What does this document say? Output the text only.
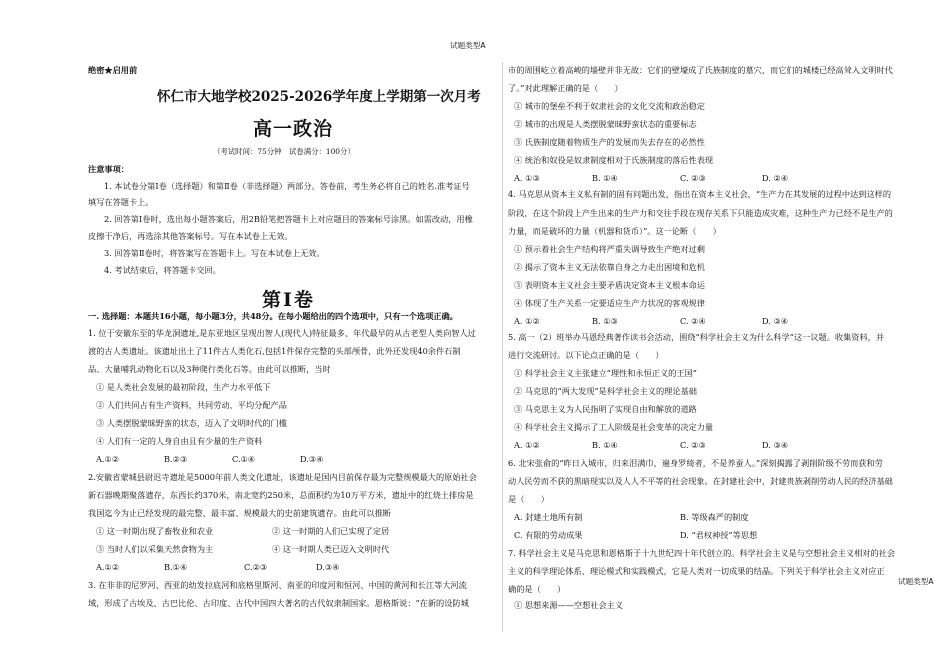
试题类型A
试题类型A
绝密★启用前
怀仁市大地学校2025-2026学年度上学期第一次月考
高一政治
（考试时间：75分钟　试卷满分：100分）
注意事项：
1. 本试卷分第Ⅰ卷（选择题）和第Ⅱ卷（非选择题）两部分。答卷前，考生务必将自己的姓名.准考证号
填写在答题卡上。
2. 回答第Ⅰ卷时，选出每小题答案后，用2B铅笔把答题卡上对应题目的答案标号涂黑。如需改动，用橡
皮擦干净后，再选涂其他答案标号。写在本试卷上无效。
3. 回答第Ⅱ卷时，将答案写在答题卡上。写在本试卷上无效。
4. 考试结束后，将答题卡交回。
第Ⅰ卷
一. 选择题：本题共16小题，每小题3分，共48分。在每小题给出的四个选项中，只有一个选项正确。
1. 位于安徽东至的华龙洞遗址,是东亚地区呈现出智人(现代人)特征最多、年代最早的从古老型人类向智人过
渡的古人类遗址。该遗址出土了11件古人类化石,包括1件保存完整的头部颅骨，此外还发现40余件石制
品、大量哺乳动物化石以及3种爬行类化石等。由此可以推断，当时
① 是人类社会发展的最初阶段，生产力水平低下
② 人们共同占有生产资料，共同劳动，平均分配产品
③ 人类摆脱蒙昧野蛮的状态，迈入了文明时代的门槛
④ 人们有一定的人身自由且有少量的生产资料
A.①②	B.②③	C.①④	D.③④
2.安徽省蒙城县尉迟寺遗址是5000年前人类文化遗址，该遗址是国内目前保存最为完整规模最大的原始社会
新石器晚期聚落遗存，东西长约370米，南北宽约250米，总面积约为10万平方米，遗址中的红烧土排房是
我国迄今为止已经发现的最完整、最丰富、规模最大的史前建筑遗存。由此可以推断
① 这一时期出现了畜牧业和农业	② 这一时期的人们已实现了定居
③ 当时人们以采集天然食物为主	④ 这一时期人类已迈入文明时代
A.①②	B.①④	C.②③	D.③④
3. 在非非的尼罗河、西亚的幼发拉底河和底格里斯河、南亚的印度河和恒河、中国的黄河和长江等大河流
域，形成了古埃及、古巴比伦、古印度、古代中国四大著名的古代奴隶制国家。恩格斯说：“在新的设防城
市的周围屹立着高峻的墙壁并非无故：它们的壁壕成了氏族制度的墓穴，而它们的城楼已经高耸入文明时代
了。”对此理解正确的是（　　）
① 城市的堡垒不利于奴隶社会的文化交流和政治稳定
② 城市的出现是人类摆脱蒙昧野蛮状态的重要标志
③ 氏族制度随着物质生产的发展而失去存在的必然性
④ 统治和奴役是奴隶制度相对于氏族制度的落后性表现
A. ①③	B. ①④	C. ②③	D. ②④
4. 马克思从资本主义私有制的固有问题出发，指出在资本主义社会，“生产力在其发展的过程中达到这样的
阶段，在这个阶段上产生出来的生产力和交往手段在现存关系下只能造成灾难，这种生产力已经不是生产的
力量，而是破坏的力量（机器和货币）”。这一论断（　　）
① 预示着社会生产结构将严重失调导致生产绝对过剩
② 揭示了资本主义无法依靠自身之力走出困境和危机
③ 表明资本主义社会主要矛盾决定资本主义根本命运
④ 体现了生产关系一定要适应生产力状况的客观规律
A. ①②	B. ①③	C. ②④	D. ③④
5. 高一（2）班举办马恩经典著作读书会活动，围绕“科学社会主义为什么科学”这一议题。收集资料，并
进行交流研讨。以下论点正确的是（　　）
① 科学社会主义主张建立“理性和永恒正义的王国”
② 马克思的“两大发现”是科学社会主义的理论基础
③ 马克思主义为人民指明了实现自由和解放的道路
④ 科学社会主义揭示了工人阶级是社会变革的决定力量
A. ①②	B. ①④	C. ②③	D. ③④
6. 北宋张俞的“昨日入城市，归来泪满巾，遍身罗绮者，不是养蚕人。”深刻揭露了剥削阶级不劳而获和劳
动人民劳而不获的黑暗现实以及人人不平等的社会现象。在封建社会中，封建贵族剥削劳动人民的经济基础
是（　　）
A. 封建土地所有制	B. 等级森严的制度
C. 有限的劳动成果	D. “君权神授”等思想
7. 科学社会主义是马克思和恩格斯于十九世纪四十年代创立的。科学社会主义是与空想社会主义相对的社会
主义的科学理论体系、理论模式和实践模式，它是人类对一切成果的结晶。下列关于科学社会主义对应正
确的是（　　）
① 思想来源——空想社会主义
